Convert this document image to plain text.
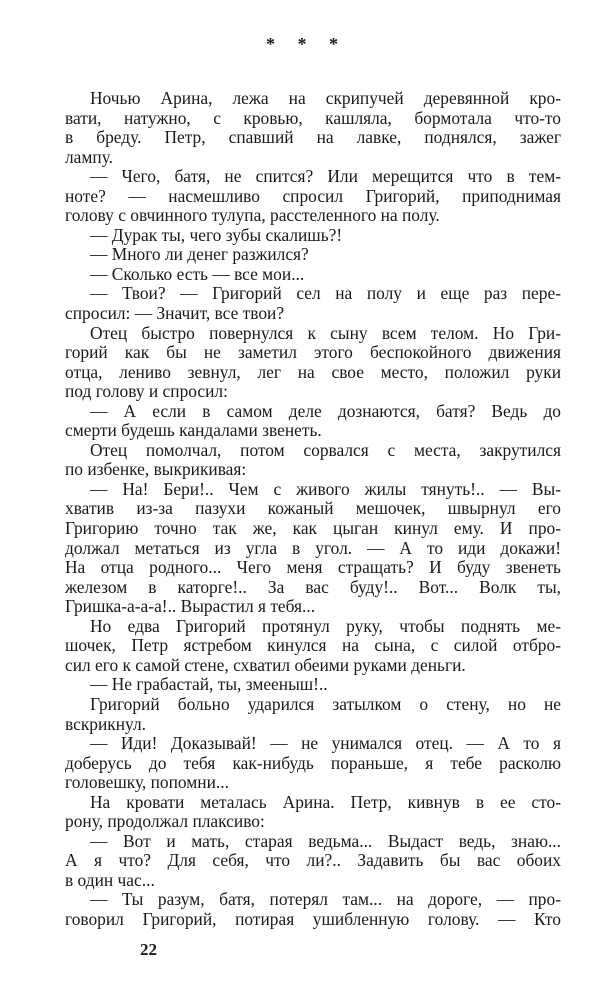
* * *
Ночью Арина, лежа на скрипучей деревянной кро-
вати, натужно, с кровью, кашляла, бормотала что-то
в бреду. Петр, спавший на лавке, поднялся, зажег
лампу.
— Чего, батя, не спится? Или мерещится что в тем-
ноте? — насмешливо спросил Григорий, приподнимая
голову с овчинного тулупа, расстеленного на полу.
— Дурак ты, чего зубы скалишь?!
— Много ли денег разжился?
— Сколько есть — все мои...
— Твои? — Григорий сел на полу и еще раз пере-
спросил: — Значит, все твои?
Отец быстро повернулся к сыну всем телом. Но Гри-
горий как бы не заметил этого беспокойного движения
отца, лениво зевнул, лег на свое место, положил руки
под голову и спросил:
— А если в самом деле дознаются, батя? Ведь до
смерти будешь кандалами звенеть.
Отец помолчал, потом сорвался с места, закрутился
по избенке, выкрикивая:
— На! Бери!.. Чем с живого жилы тянуть!.. — Вы-
хватив из-за пазухи кожаный мешочек, швырнул его
Григорию точно так же, как цыган кинул ему. И про-
должал метаться из угла в угол. — А то иди докажи!
На отца родного... Чего меня стращать? И буду звенеть
железом в каторге!.. За вас буду!.. Вот... Волк ты,
Гришка-а-а-а!.. Вырастил я тебя...
Но едва Григорий протянул руку, чтобы поднять ме-
шочек, Петр ястребом кинулся на сына, с силой отбро-
сил его к самой стене, схватил обеими руками деньги.
— Не грабастай, ты, змееныш!..
Григорий больно ударился затылком о стену, но не
вскрикнул.
— Иди! Доказывай! — не унимался отец. — А то я
доберусь до тебя как-нибудь пораньше, я тебе расколю
головешку, попомни...
На кровати металась Арина. Петр, кивнув в ее сто-
рону, продолжал плаксиво:
— Вот и мать, старая ведьма... Выдаст ведь, знаю...
А я что? Для себя, что ли?.. Задавить бы вас обоих
в один час...
— Ты разум, батя, потерял там... на дороге, — про-
говорил Григорий, потирая ушибленную голову. — Кто
22
